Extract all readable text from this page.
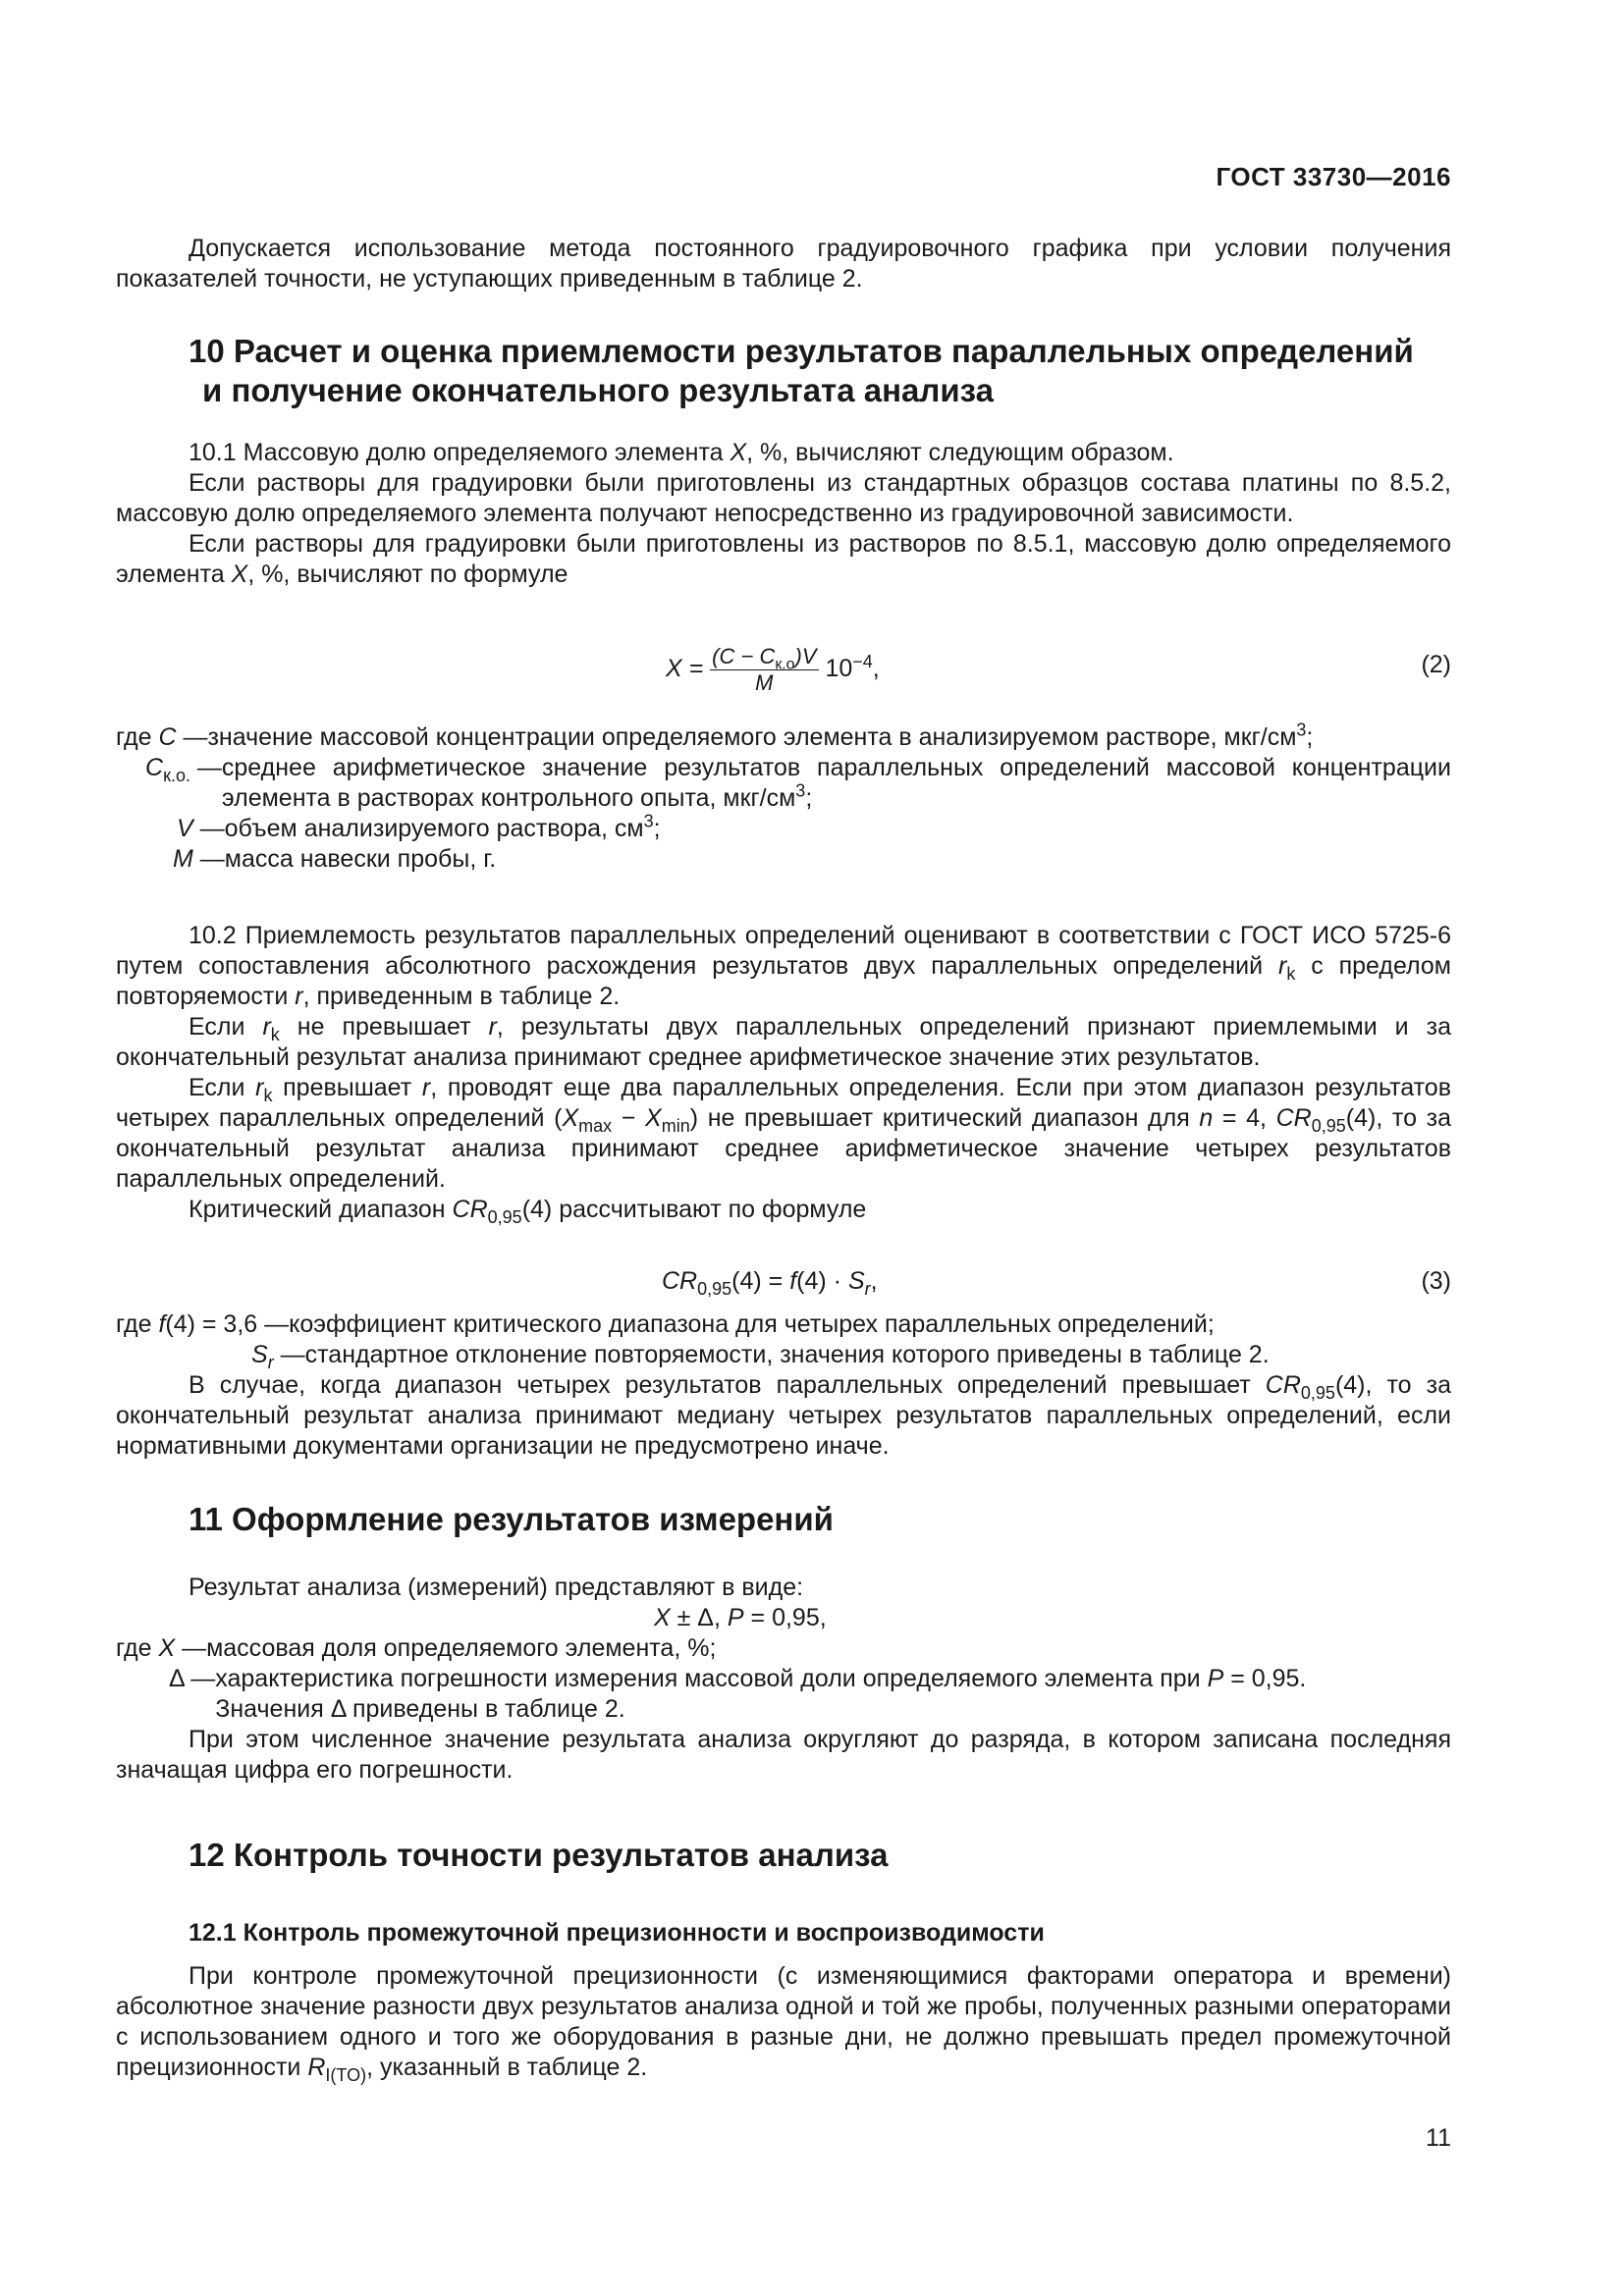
ГОСТ 33730—2016

Допускается использование метода постоянного градуировочного графика при условии получения показателей точности, не уступающих приведенным в таблице 2.

10 Расчет и оценка приемлемости результатов параллельных определений
и получение окончательного результата анализа

10.1 Массовую долю определяемого элемента X, %, вычисляют следующим образом.

Если растворы для градуировки были приготовлены из стандартных образцов состава платины по 8.5.2, массовую долю определяемого элемента получают непосредственно из градуировочной зависимости.

Если растворы для градуировки были приготовлены из растворов по 8.5.1, массовую долю определяемого элемента X, %, вычисляют по формуле

$X = \frac{(C - C_{к.о})V}{M} 10^{-4}$,	(2)
где C — значение массовой концентрации определяемого элемента в анализируемом растворе, мкг/$см^3$;
$C_{к.о.}$ — среднее арифметическое значение результатов параллельных определений массовой концентрации элемента в растворах контрольного опыта, мкг/$см^3$;
V — объем анализируемого раствора, $см^3$;
M — масса навески пробы, г.

10.2 Приемлемость результатов параллельных определений оценивают в соответствии с ГОСТ ИСО 5725-6 путем сопоставления абсолютного расхождения результатов двух параллельных определений $r_k$ с пределом повторяемости r, приведенным в таблице 2.

Если $r_k$ не превышает r, результаты двух параллельных определений признают приемлемыми и за окончательный результат анализа принимают среднее арифметическое значение этих результатов.

Если $r_k$ превышает r, проводят еще два параллельных определения. Если при этом диапазон результатов четырех параллельных определений $(X_{max} - X_{min})$ не превышает критический диапазон для n = 4, $CR_{0,95}(4)$, то за окончательный результат анализа принимают среднее арифметическое значение четырех результатов параллельных определений.

Критический диапазон $CR_{0,95}(4)$ рассчитывают по формуле

$CR_{0,95}(4) = f(4) \cdot S_r$,	(3)
где f(4) = 3,6 — коэффициент критического диапазона для четырех параллельных определений;
$S_r$ — стандартное отклонение повторяемости, значения которого приведены в таблице 2.

В случае, когда диапазон четырех результатов параллельных определений превышает $CR_{0,95}(4)$, то за окончательный результат анализа принимают медиану четырех результатов параллельных определений, если нормативными документами организации не предусмотрено иначе.

11 Оформление результатов измерений

Результат анализа (измерений) представляют в виде:

X ± Δ, P = 0,95,

где X — массовая доля определяемого элемента, %;
Δ — характеристика погрешности измерения массовой доли определяемого элемента при P = 0,95.
Значения Δ приведены в таблице 2.

При этом численное значение результата анализа округляют до разряда, в котором записана последняя значащая цифра его погрешности.

12 Контроль точности результатов анализа
12.1 Контроль промежуточной прецизионности и воспроизводимости

При контроле промежуточной прецизионности (с изменяющимися факторами оператора и времени) абсолютное значение разности двух результатов анализа одной и той же пробы, полученных разными операторами с использованием одного и того же оборудования в разные дни, не должно превышать предел промежуточной прецизионности $R_{I(TO)}$, указанный в таблице 2.

11
